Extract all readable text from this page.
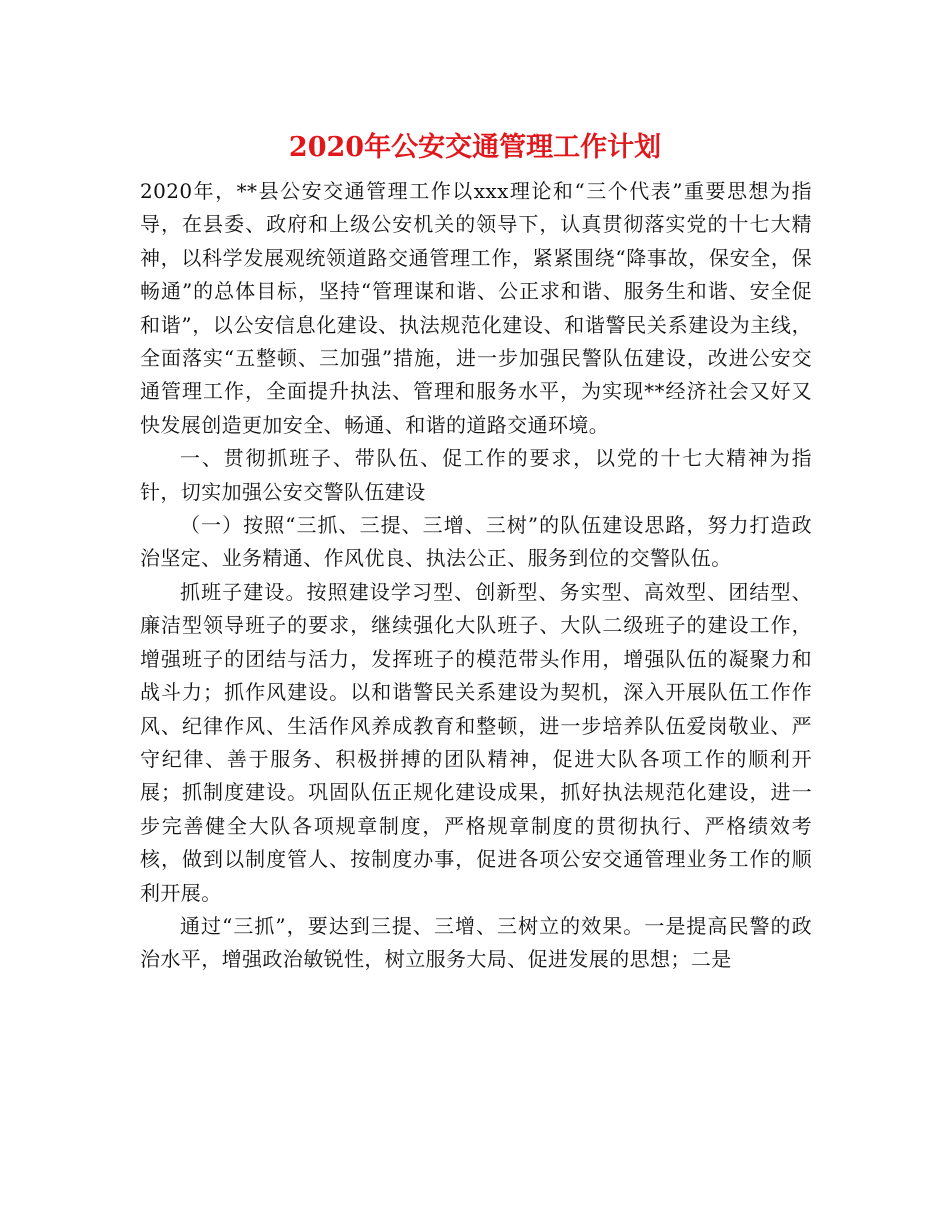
2020年公安交通管理工作计划

2020年，**县公安交通管理工作以xxx理论和“三个代表”重要思想为指导，在县委、政府和上级公安机关的领导下，认真贯彻落实党的十七大精神，以科学发展观统领道路交通管理工作，紧紧围绕“降事故，保安全，保畅通”的总体目标，坚持“管理谋和谐、公正求和谐、服务生和谐、安全促和谐”，以公安信息化建设、执法规范化建设、和谐警民关系建设为主线，全面落实“五整顿、三加强”措施，进一步加强民警队伍建设，改进公安交通管理工作，全面提升执法、管理和服务水平，为实现**经济社会又好又快发展创造更加安全、畅通、和谐的道路交通环境。

一、贯彻抓班子、带队伍、促工作的要求，以党的十七大精神为指针，切实加强公安交警队伍建设

（一）按照“三抓、三提、三增、三树”的队伍建设思路，努力打造政治坚定、业务精通、作风优良、执法公正、服务到位的交警队伍。

抓班子建设。按照建设学习型、创新型、务实型、高效型、团结型、廉洁型领导班子的要求，继续强化大队班子、大队二级班子的建设工作，增强班子的团结与活力，发挥班子的模范带头作用，增强队伍的凝聚力和战斗力；抓作风建设。以和谐警民关系建设为契机，深入开展队伍工作作风、纪律作风、生活作风养成教育和整顿，进一步培养队伍爱岗敬业、严守纪律、善于服务、积极拼搏的团队精神，促进大队各项工作的顺利开展；抓制度建设。巩固队伍正规化建设成果，抓好执法规范化建设，进一步完善健全大队各项规章制度，严格规章制度的贯彻执行、严格绩效考核，做到以制度管人、按制度办事，促进各项公安交通管理业务工作的顺利开展。

通过“三抓”，要达到三提、三增、三树立的效果。一是提高民警的政治水平，增强政治敏锐性，树立服务大局、促进发展的思想；二是
